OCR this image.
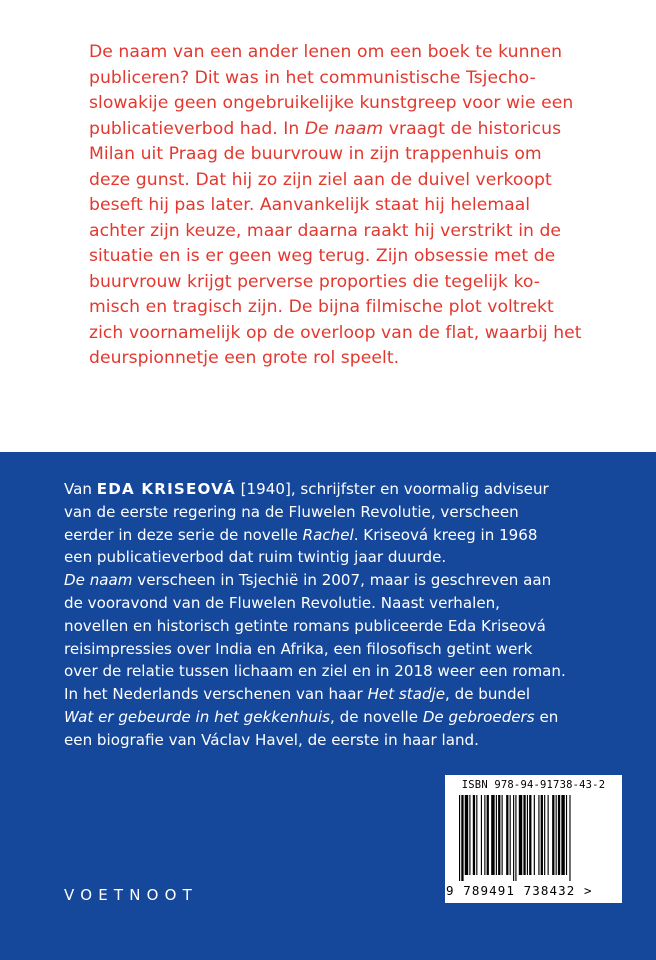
De naam van een ander lenen om een boek te kunnen
publiceren? Dit was in het communistische Tsjecho-
slowakije geen ongebruikelijke kunstgreep voor wie een
publicatieverbod had. In De naam vraagt de historicus
Milan uit Praag de buurvrouw in zijn trappenhuis om
deze gunst. Dat hij zo zijn ziel aan de duivel verkoopt
beseft hij pas later. Aanvankelijk staat hij helemaal
achter zijn keuze, maar daarna raakt hij verstrikt in de
situatie en is er geen weg terug. Zijn obsessie met de
buurvrouw krijgt perverse proporties die tegelijk ko-
misch en tragisch zijn. De bijna filmische plot voltrekt
zich voornamelijk op de overloop van de flat, waarbij het
deurspionnetje een grote rol speelt.
Van EDA KRISEOVÁ [1940], schrijfster en voormalig adviseur
van de eerste regering na de Fluwelen Revolutie, verscheen
eerder in deze serie de novelle Rachel. Kriseová kreeg in 1968
een publicatieverbod dat ruim twintig jaar duurde.
De naam verscheen in Tsjechië in 2007, maar is geschreven aan
de vooravond van de Fluwelen Revolutie. Naast verhalen,
novellen en historisch getinte romans publiceerde Eda Kriseová
reisimpressies over India en Afrika, een filosofisch getint werk
over de relatie tussen lichaam en ziel en in 2018 weer een roman.
In het Nederlands verschenen van haar Het stadje, de bundel
Wat er gebeurde in het gekkenhuis, de novelle De gebroeders en
een biografie van Václav Havel, de eerste in haar land.
VOETNOOT
ISBN 978-94-91738-43-2
9 789491 738432 >
